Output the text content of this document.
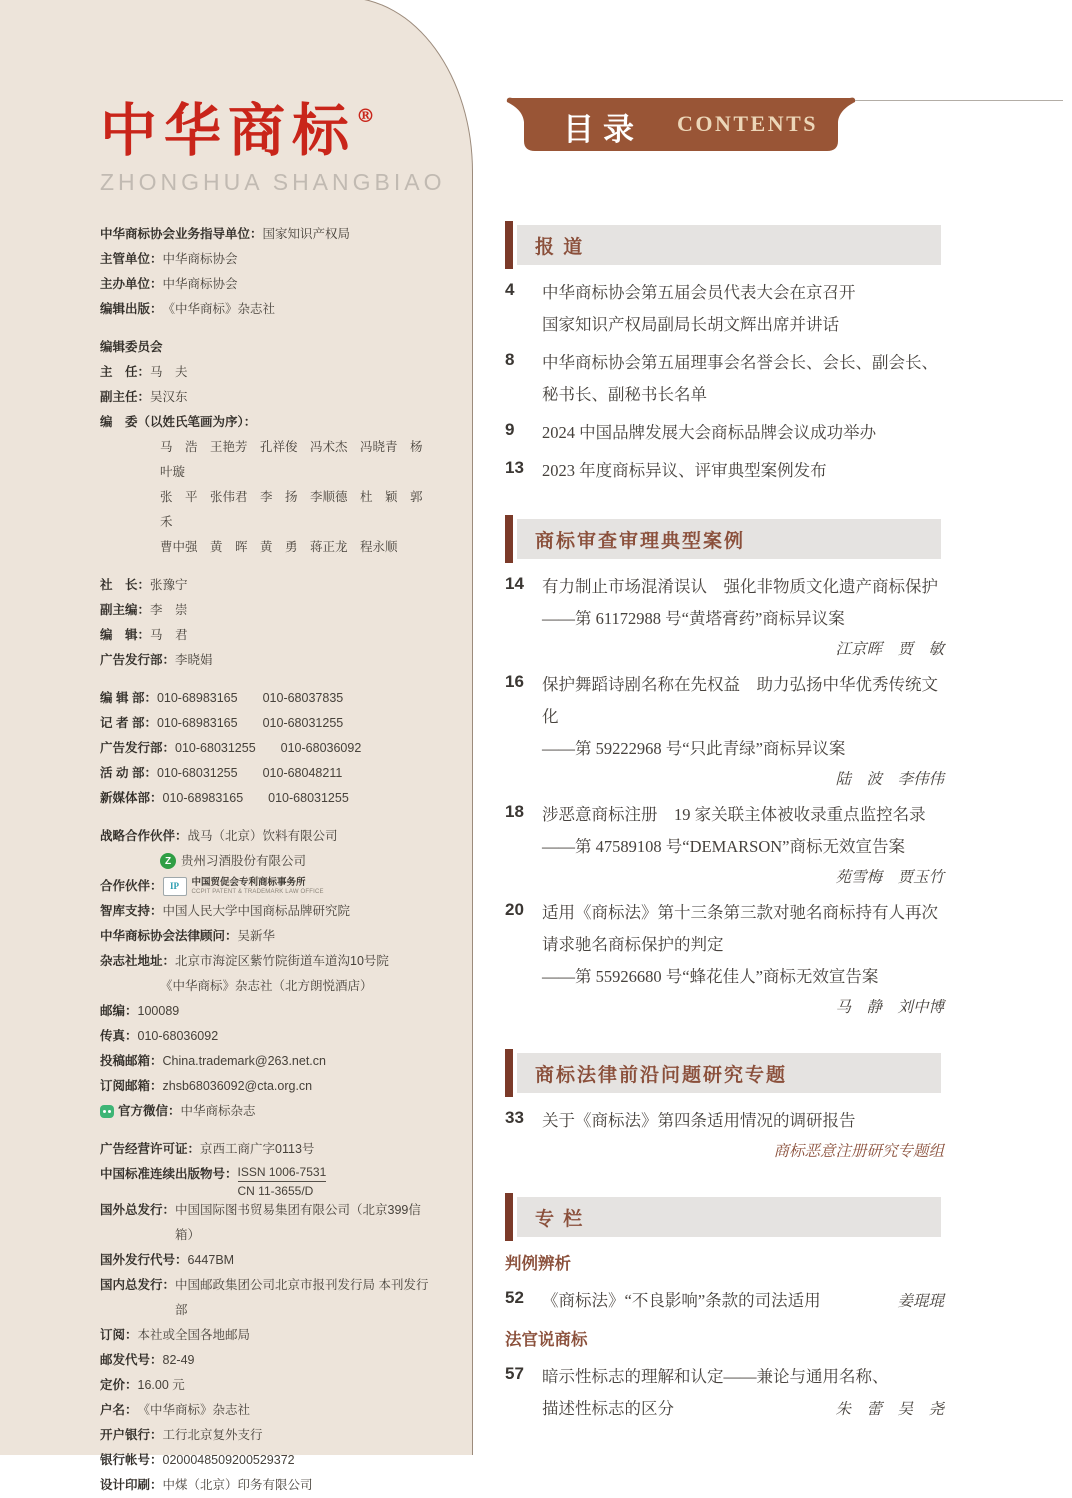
中华商标®
ZHONGHUA SHANGBIAO
中华商标协会业务指导单位： 国家知识产权局
主管单位： 中华商标协会
主办单位： 中华商标协会
编辑出版： 《中华商标》杂志社
编辑委员会
主　任： 马　夫
副主任： 吴汉东
编　委（以姓氏笔画为序）：
马　浩　王艳芳　孔祥俊　冯术杰　冯晓青　杨叶璇
张　平　张伟君　李　扬　李顺德　杜　颖　郭　禾
曹中强　黄　晖　黄　勇　蒋正龙　程永顺
社　长： 张豫宁
副主编： 李　崇
编　辑： 马　君
广告发行部： 李晓娟
编 辑 部： 010-68983165　　010-68037835
记 者 部： 010-68983165　　010-68031255
广告发行部： 010-68031255　　010-68036092
活 动 部： 010-68031255　　010-68048211
新媒体部： 010-68983165　　010-68031255
战略合作伙伴： 战马（北京）饮料有限公司
Z 贵州习酒股份有限公司
合作伙伴： IP	中国贸促会专利商标事务所
CCPIT PATENT & TRADEMARK LAW OFFICE
智库支持： 中国人民大学中国商标品牌研究院
中华商标协会法律顾问： 吴新华
杂志社地址： 北京市海淀区紫竹院街道车道沟10号院
《中华商标》杂志社（北方朗悦酒店）
邮编： 100089
传真： 010-68036092
投稿邮箱： China.trademark@263.net.cn
订阅邮箱： zhsb68036092@cta.org.cn
官方微信： 中华商标杂志
广告经营许可证： 京西工商广字0113号
中国标准连续出版物号： ISSN 1006-7531
CN 11-3655/D
国外总发行： 中国国际图书贸易集团有限公司（北京399信箱）
国外发行代号： 6447BM
国内总发行： 中国邮政集团公司北京市报刊发行局 本刊发行部
订阅： 本社或全国各地邮局
邮发代号： 82-49
定价： 16.00 元
户名： 《中华商标》杂志社
开户银行： 工行北京复外支行
银行帐号： 0200048509200529372
设计印刷： 中煤（北京）印务有限公司
目录 CONTENTS
报 道
4	中华商标协会第五届会员代表大会在京召开
国家知识产权局副局长胡文辉出席并讲话
8	中华商标协会第五届理事会名誉会长、会长、副会长、
秘书长、副秘书长名单
9	2024 中国品牌发展大会商标品牌会议成功举办
13	2023 年度商标异议、评审典型案例发布
商标审查审理典型案例
14	有力制止市场混淆误认　强化非物质文化遗产商标保护
——第 61172988 号“黄塔膏药”商标异议案
江京晖　贾　敏
16	保护舞蹈诗剧名称在先权益　助力弘扬中华优秀传统文化
——第 59222968 号“只此青绿”商标异议案
陆　波　李伟伟
18	涉恶意商标注册　19 家关联主体被收录重点监控名录
——第 47589108 号“DEMARSON”商标无效宣告案
苑雪梅　贾玉竹
20	适用《商标法》第十三条第三款对驰名商标持有人再次
请求驰名商标保护的判定
——第 55926680 号“蜂花佳人”商标无效宣告案
马　静　刘中博
商标法律前沿问题研究专题
33	关于《商标法》第四条适用情况的调研报告
商标恶意注册研究专题组
专 栏
判例辨析
52	《商标法》“不良影响”条款的司法适用	姜琨琨
法官说商标
57	暗示性标志的理解和认定——兼论与通用名称、
描述性标志的区分	朱　蕾　吴　尧
